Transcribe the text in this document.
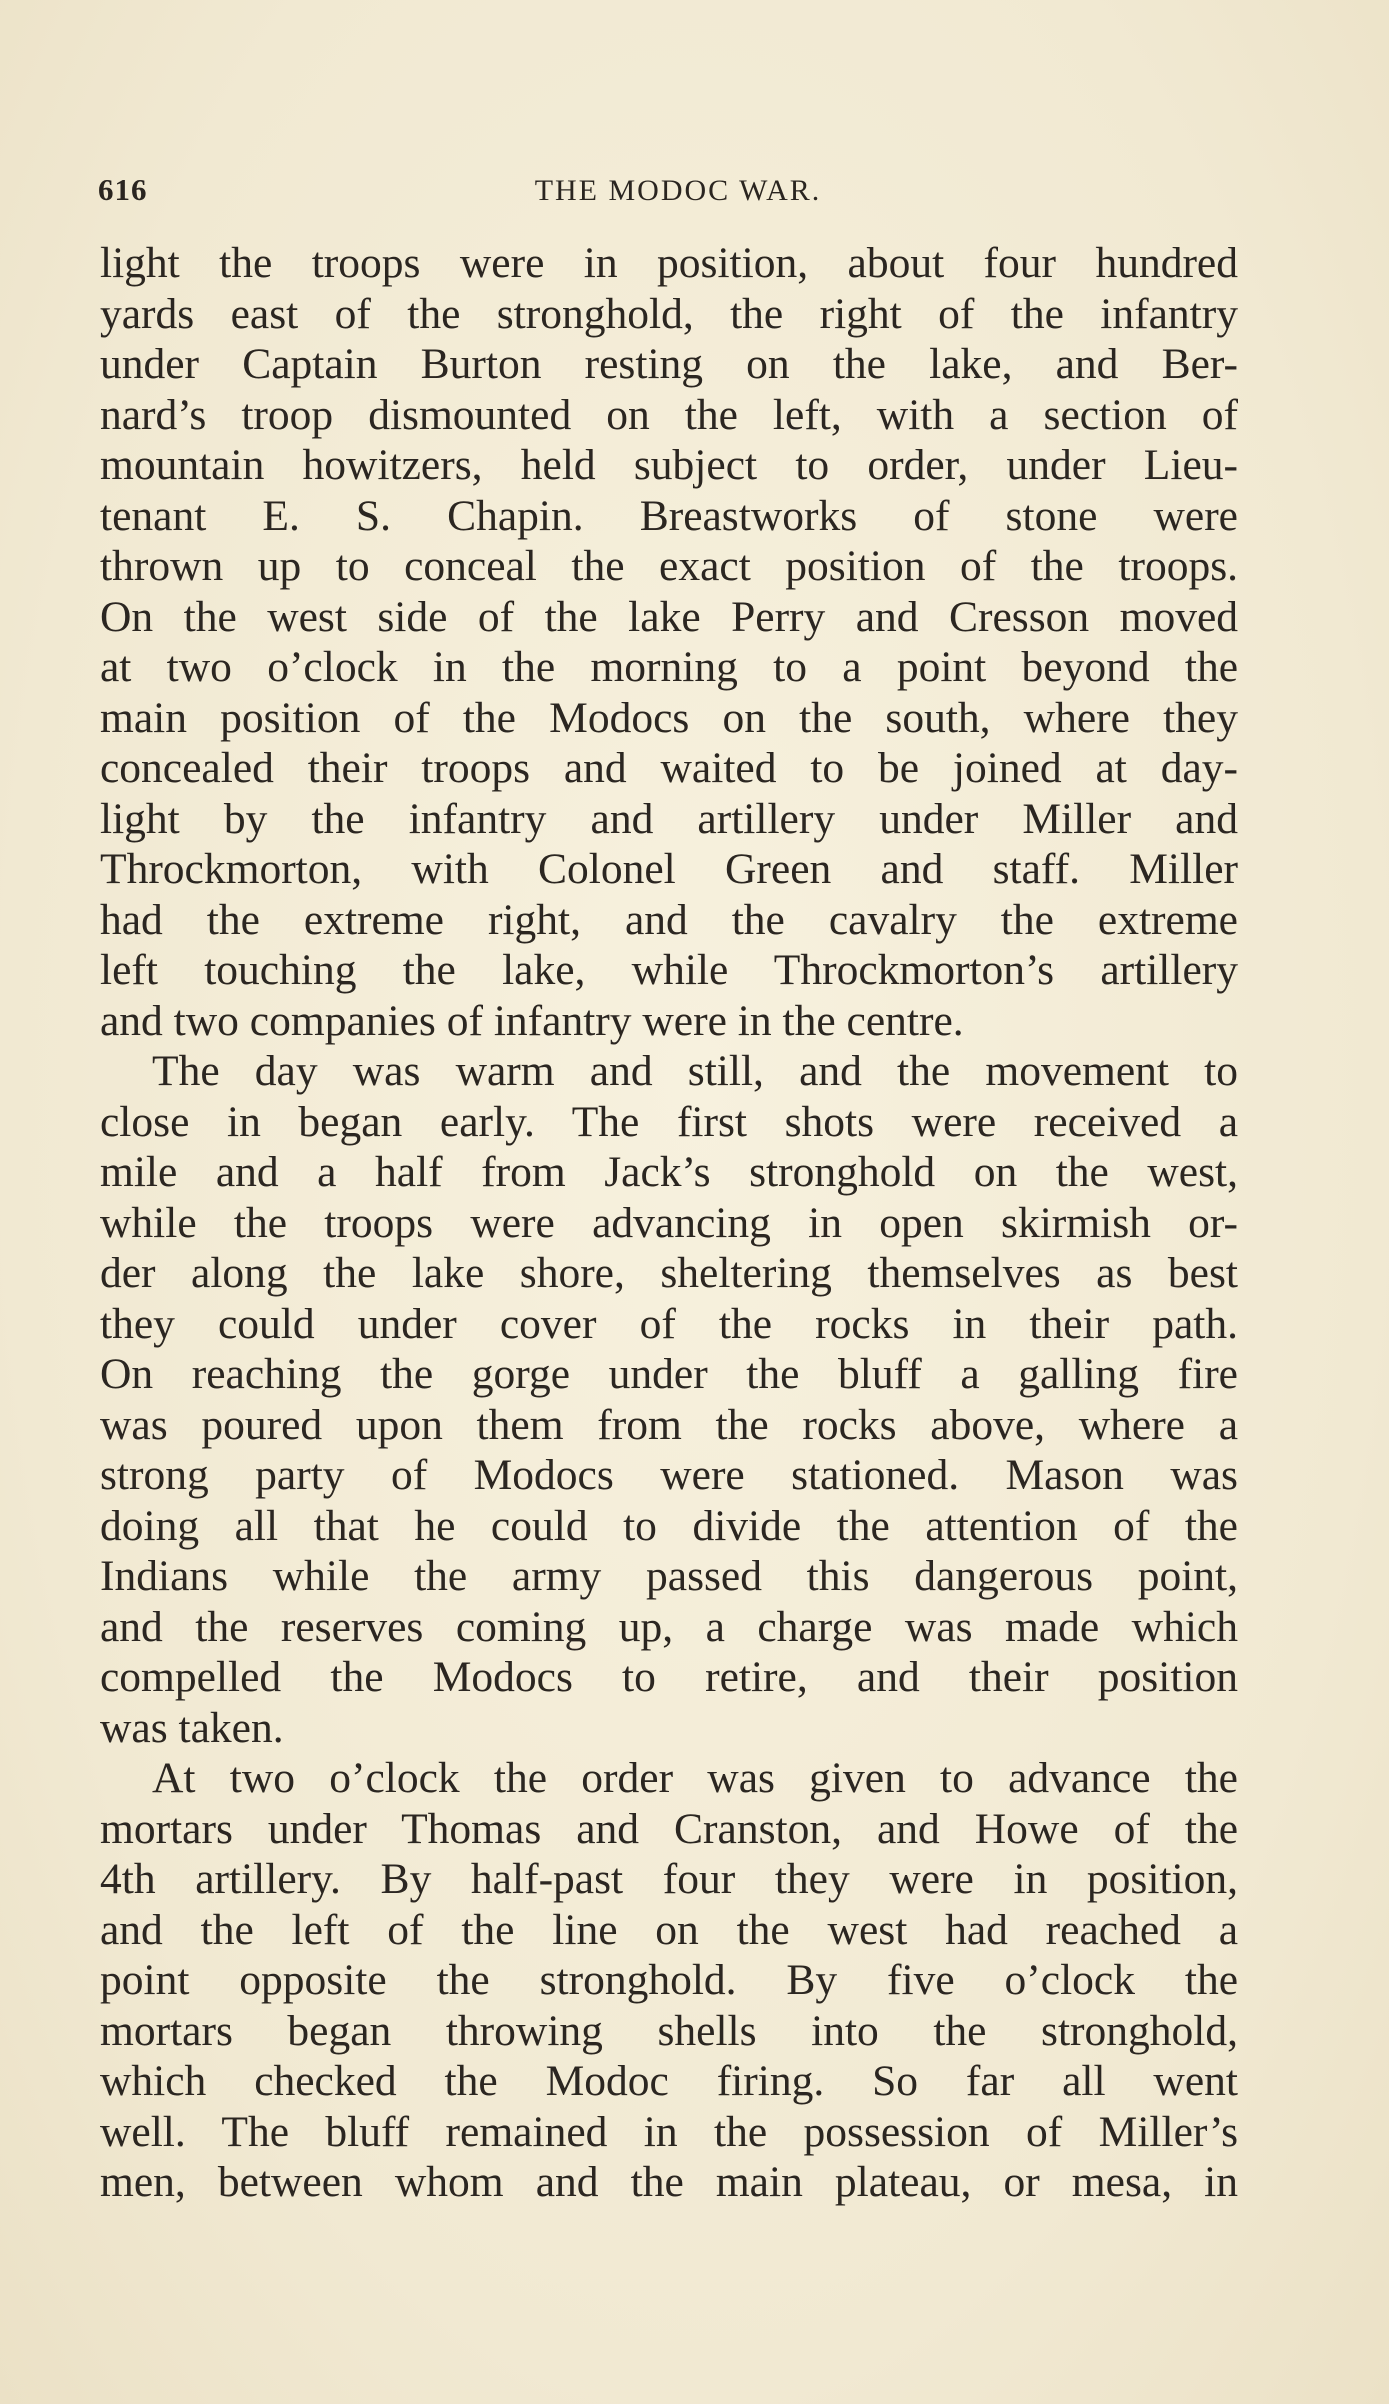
616	THE MODOC WAR.
light the troops were in position, about four hundred
yards east of the stronghold, the right of the infantry
under Captain Burton resting on the lake, and Ber-
nard’s troop dismounted on the left, with a section of
mountain howitzers, held subject to order, under Lieu-
tenant E. S. Chapin. Breastworks of stone were
thrown up to conceal the exact position of the troops.
On the west side of the lake Perry and Cresson moved
at two o’clock in the morning to a point beyond the
main position of the Modocs on the south, where they
concealed their troops and waited to be joined at day-
light by the infantry and artillery under Miller and
Throckmorton, with Colonel Green and staff. Miller
had the extreme right, and the cavalry the extreme
left touching the lake, while Throckmorton’s artillery
and two companies of infantry were in the centre.
The day was warm and still, and the movement to
close in began early. The first shots were received a
mile and a half from Jack’s stronghold on the west,
while the troops were advancing in open skirmish or-
der along the lake shore, sheltering themselves as best
they could under cover of the rocks in their path.
On reaching the gorge under the bluff a galling fire
was poured upon them from the rocks above, where a
strong party of Modocs were stationed. Mason was
doing all that he could to divide the attention of the
Indians while the army passed this dangerous point,
and the reserves coming up, a charge was made which
compelled the Modocs to retire, and their position
was taken.
At two o’clock the order was given to advance the
mortars under Thomas and Cranston, and Howe of the
4th artillery. By half-past four they were in position,
and the left of the line on the west had reached a
point opposite the stronghold. By five o’clock the
mortars began throwing shells into the stronghold,
which checked the Modoc firing. So far all went
well. The bluff remained in the possession of Miller’s
men, between whom and the main plateau, or mesa, in
